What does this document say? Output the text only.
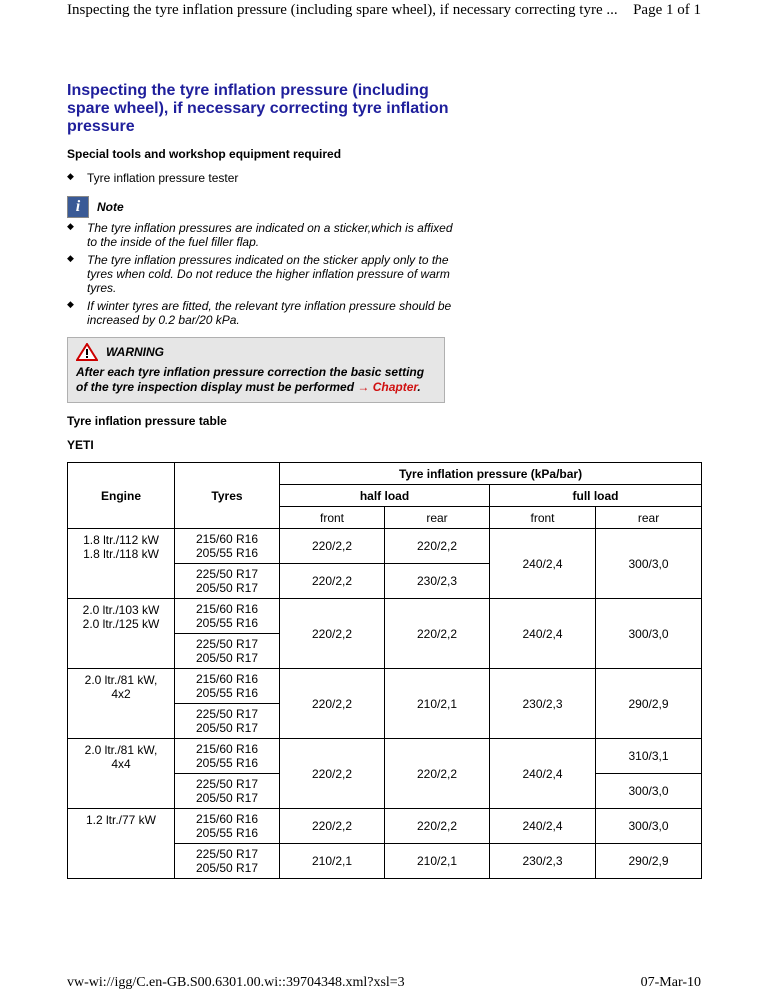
Inspecting the tyre inflation pressure (including spare wheel), if necessary correcting tyre ... Page 1 of 1
Inspecting the tyre inflation pressure (including spare wheel), if necessary correcting tyre inflation pressure

Special tools and workshop equipment required

◆ Tyre inflation pressure tester
i	Note
◆ The tyre inflation pressures are indicated on a sticker,which is affixed to the inside of the fuel filler flap.
◆ The tyre inflation pressures indicated on the sticker apply only to the tyres when cold. Do not reduce the higher inflation pressure of warm tyres.
◆ If winter tyres are fitted, the relevant tyre inflation pressure should be increased by 0.2 bar/20 kPa.
WARNING
After each tyre inflation pressure correction the basic setting of the tyre inspection display must be performed → Chapter.

Tyre inflation pressure table

YETI

Engine	Tyres	Tyre inflation pressure (kPa/bar)			
		half load		full load	
		front	rear	front	rear
1.8 ltr./112 kW
1.8 ltr./118 kW	215/60 R16
205/55 R16	220/2,2	220/2,2	240/2,4	300/3,0
	225/50 R17
205/50 R17	220/2,2	230/2,3		
2.0 ltr./103 kW
2.0 ltr./125 kW	215/60 R16
205/55 R16	220/2,2	220/2,2	240/2,4	300/3,0
	225/50 R17
205/50 R17				
2.0 ltr./81 kW,
4x2	215/60 R16
205/55 R16	220/2,2	210/2,1	230/2,3	290/2,9
	225/50 R17
205/50 R17				
2.0 ltr./81 kW,
4x4	215/60 R16
205/55 R16	220/2,2	220/2,2	240/2,4	310/3,1
	225/50 R17
205/50 R17				300/3,0
1.2 ltr./77 kW	215/60 R16
205/55 R16	220/2,2	220/2,2	240/2,4	300/3,0
	225/50 R17
205/50 R17	210/2,1	210/2,1	230/2,3	290/2,9
vw-wi://igg/C.en-GB.S00.6301.00.wi::39704348.xml?xsl=3	07-Mar-10
